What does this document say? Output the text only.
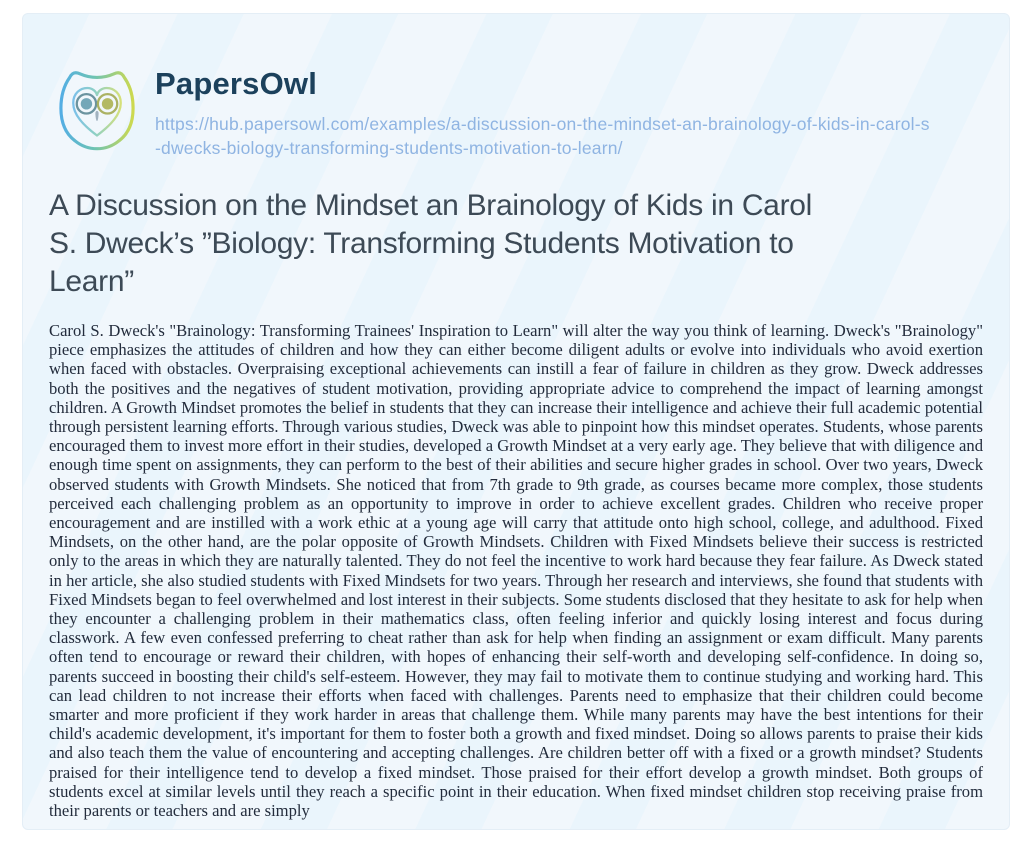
PapersOwl
https://hub.papersowl.com/examples/a-discussion-on-the-mindset-an-brainology-of-kids-in-carol-s-dwecks-biology-transforming-students-motivation-to-learn/
A Discussion on the Mindset an Brainology of Kids in Carol S. Dweck’s ”Biology: Transforming Students Motivation to Learn”

Carol S. Dweck's "Brainology: Transforming Trainees' Inspiration to Learn" will alter the way you think of learning. Dweck's "Brainology" piece emphasizes the attitudes of children and how they can either become diligent adults or evolve into individuals who avoid exertion when faced with obstacles. Overpraising exceptional achievements can instill a fear of failure in children as they grow. Dweck addresses both the positives and the negatives of student motivation, providing appropriate advice to comprehend the impact of learning amongst children. A Growth Mindset promotes the belief in students that they can increase their intelligence and achieve their full academic potential through persistent learning efforts. Through various studies, Dweck was able to pinpoint how this mindset operates. Students, whose parents encouraged them to invest more effort in their studies, developed a Growth Mindset at a very early age. They believe that with diligence and enough time spent on assignments, they can perform to the best of their abilities and secure higher grades in school. Over two years, Dweck observed students with Growth Mindsets. She noticed that from 7th grade to 9th grade, as courses became more complex, those students perceived each challenging problem as an opportunity to improve in order to achieve excellent grades. Children who receive proper encouragement and are instilled with a work ethic at a young age will carry that attitude onto high school, college, and adulthood. Fixed Mindsets, on the other hand, are the polar opposite of Growth Mindsets. Children with Fixed Mindsets believe their success is restricted only to the areas in which they are naturally talented. They do not feel the incentive to work hard because they fear failure. As Dweck stated in her article, she also studied students with Fixed Mindsets for two years. Through her research and interviews, she found that students with Fixed Mindsets began to feel overwhelmed and lost interest in their subjects. Some students disclosed that they hesitate to ask for help when they encounter a challenging problem in their mathematics class, often feeling inferior and quickly losing interest and focus during classwork. A few even confessed preferring to cheat rather than ask for help when finding an assignment or exam difficult. Many parents often tend to encourage or reward their children, with hopes of enhancing their self-worth and developing self-confidence. In doing so, parents succeed in boosting their child's self-esteem. However, they may fail to motivate them to continue studying and working hard. This can lead children to not increase their efforts when faced with challenges. Parents need to emphasize that their children could become smarter and more proficient if they work harder in areas that challenge them. While many parents may have the best intentions for their child's academic development, it's important for them to foster both a growth and fixed mindset. Doing so allows parents to praise their kids and also teach them the value of encountering and accepting challenges. Are children better off with a fixed or a growth mindset? Students praised for their intelligence tend to develop a fixed mindset. Those praised for their effort develop a growth mindset. Both groups of students excel at similar levels until they reach a specific point in their education. When fixed mindset children stop receiving praise from their parents or teachers and are simply
